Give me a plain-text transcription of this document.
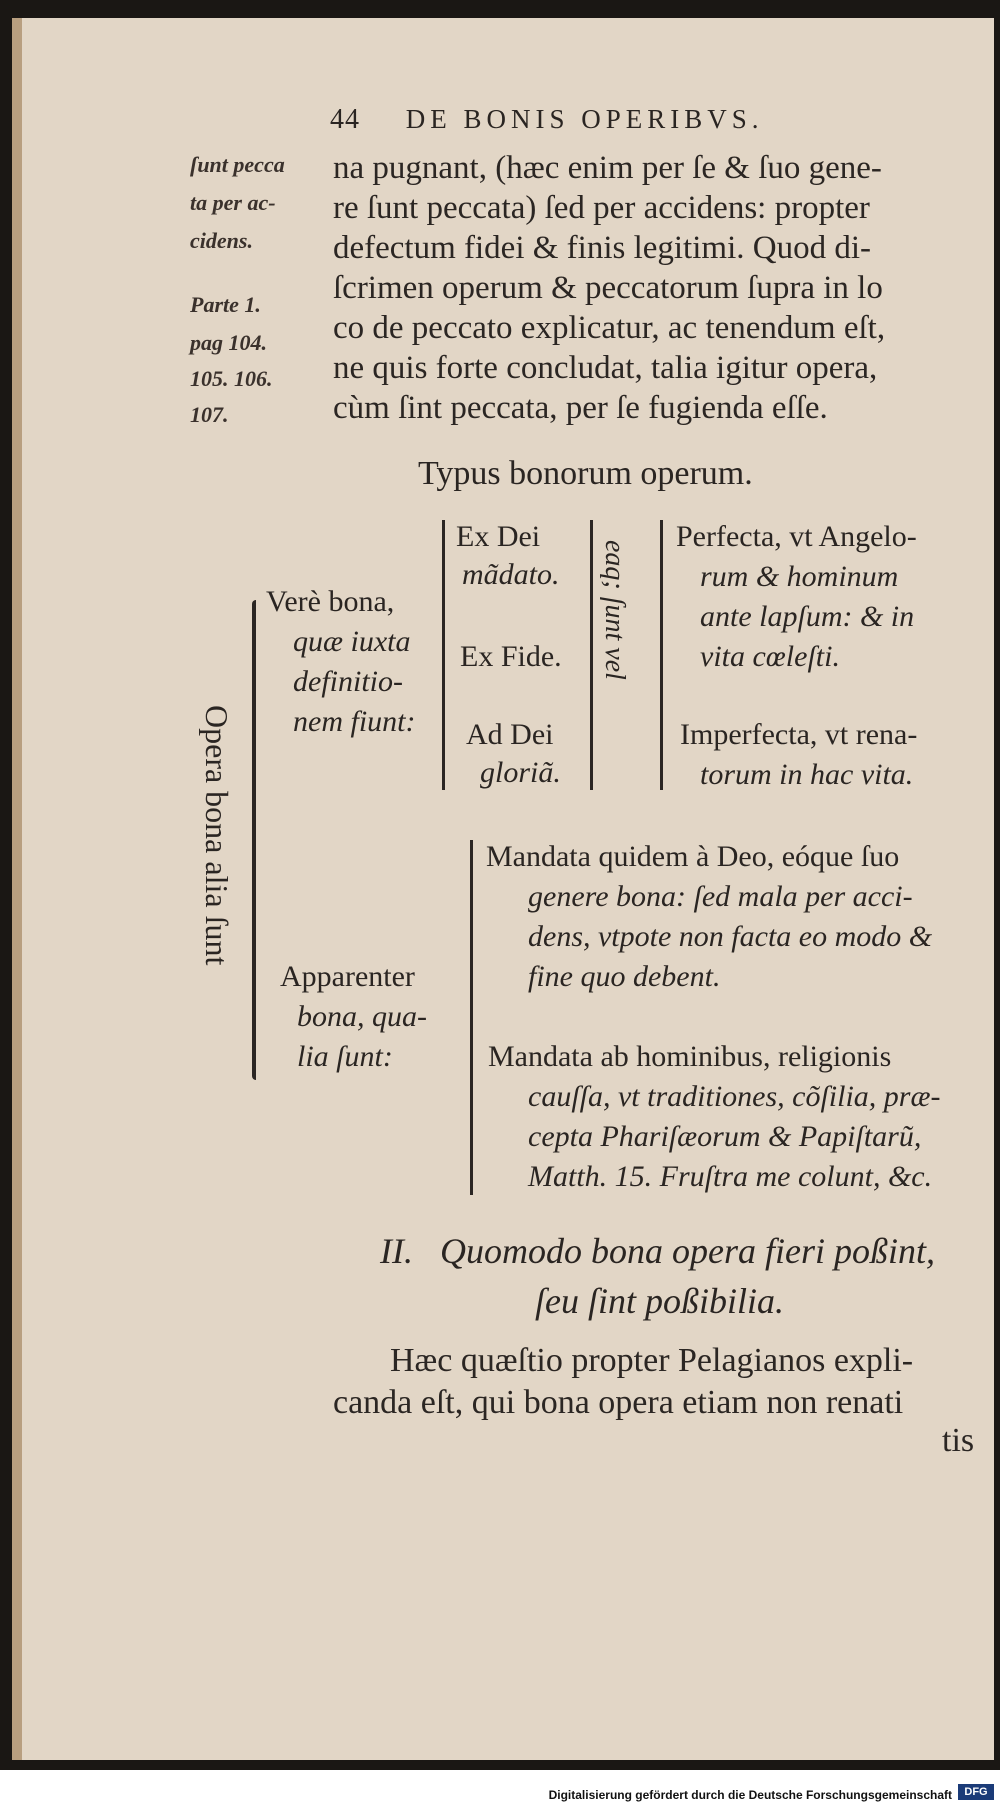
44 DE BONIS OPERIBVS.
ſunt pecca
ta per ac-
cidens.
Parte 1.
pag 104.
105. 106.
107.
na pugnant, (hæc enim per ſe & ſuo gene-
re ſunt peccata) ſed per accidens: propter
defectum fidei & finis legitimi. Quod di-
ſcrimen operum & peccatorum ſupra in lo
co de peccato explicatur, ac tenendum eſt,
ne quis forte concludat, talia igitur opera,
cùm ſint peccata, per ſe fugienda eſſe.
Typus bonorum operum.
Opera bona alia ſunt
Verè bona,
quæ iuxta
definitio-
nem fiunt:
Ex Dei
mãdato.
Ex Fide.
Ad Dei
gloriã.
eaq; ſunt vel
Perfecta, vt Angelo-
rum & hominum
ante lapſum: & in
vita cœleſti.
Imperfecta, vt rena-
torum in hac vita.
Apparenter
bona, qua-
lia ſunt:
Mandata quidem à Deo, eóque ſuo
genere bona: ſed mala per acci-
dens, vtpote non facta eo modo &
fine quo debent.
Mandata ab hominibus, religionis
cauſſa, vt traditiones, cõſilia, præ-
cepta Phariſæorum & Papiſtarũ,
Matth. 15. Fruſtra me colunt, &c.
II. Quomodo bona opera fieri poßint,
ſeu ſint poßibilia.
Hæc quæſtio propter Pelagianos expli-
canda eſt, qui bona opera etiam non renati
tis
Digitalisierung gefördert durch die Deutsche Forschungsgemeinschaft	DFG
